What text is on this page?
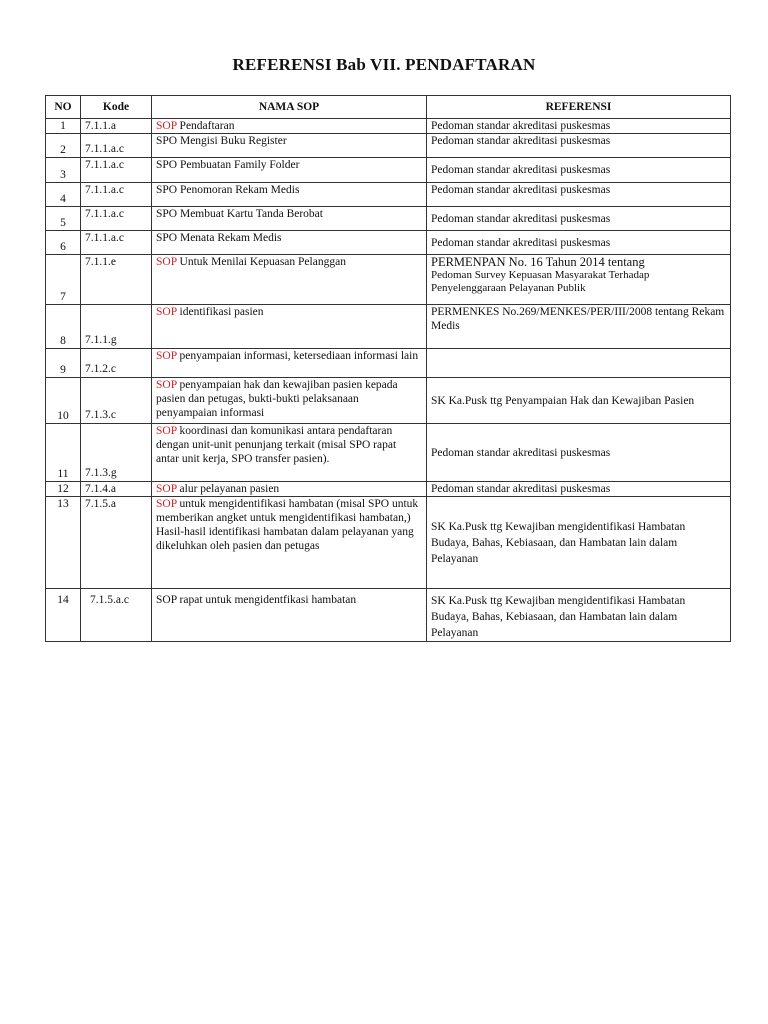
REFERENSI Bab VII. PENDAFTARAN
NO	Kode	NAMA SOP	REFERENSI
1	7.1.1.a	SOP Pendaftaran	Pedoman standar akreditasi puskesmas
2	7.1.1.a.c	SPO Mengisi Buku Register	Pedoman standar akreditasi puskesmas
3	7.1.1.a.c	SPO Pembuatan Family Folder	Pedoman standar akreditasi puskesmas
4	7.1.1.a.c	SPO Penomoran Rekam Medis	Pedoman standar akreditasi puskesmas
5	7.1.1.a.c	SPO Membuat Kartu Tanda Berobat	Pedoman standar akreditasi puskesmas
6	7.1.1.a.c	SPO Menata Rekam Medis	Pedoman standar akreditasi puskesmas
7	7.1.1.e	SOP Untuk Menilai Kepuasan Pelanggan	PERMENPAN No. 16 Tahun 2014 tentang
Pedoman Survey Kepuasan Masyarakat Terhadap Penyelenggaraan Pelayanan Publik

8	7.1.1.g	SOP identifikasi pasien	PERMENKES No.269/MENKES/PER/III/2008 tentang Rekam Medis
9	7.1.2.c	SOP penyampaian informasi, ketersediaan informasi lain	
10	7.1.3.c	SOP penyampaian hak dan kewajiban pasien kepada pasien dan petugas, bukti-bukti pelaksanaan penyampaian informasi	SK Ka.Pusk ttg Penyampaian Hak dan Kewajiban Pasien
11	7.1.3.g	SOP koordinasi dan komunikasi antara pendaftaran dengan unit-unit penunjang terkait (misal SPO rapat antar unit kerja, SPO transfer pasien).	Pedoman standar akreditasi puskesmas
12	7.1.4.a	SOP alur pelayanan pasien	Pedoman standar akreditasi puskesmas
13	7.1.5.a	SOP untuk mengidentifikasi hambatan (misal SPO untuk memberikan angket untuk mengidentifikasi hambatan,) Hasil-hasil identifikasi hambatan dalam pelayanan yang dikeluhkan oleh pasien dan petugas	SK Ka.Pusk ttg Kewajiban mengidentifikasi Hambatan Budaya, Bahas, Kebiasaan, dan Hambatan lain dalam Pelayanan
14	7.1.5.a.c	SOP rapat untuk mengidentfikasi hambatan	SK Ka.Pusk ttg Kewajiban mengidentifikasi Hambatan Budaya, Bahas, Kebiasaan, dan Hambatan lain dalam Pelayanan
